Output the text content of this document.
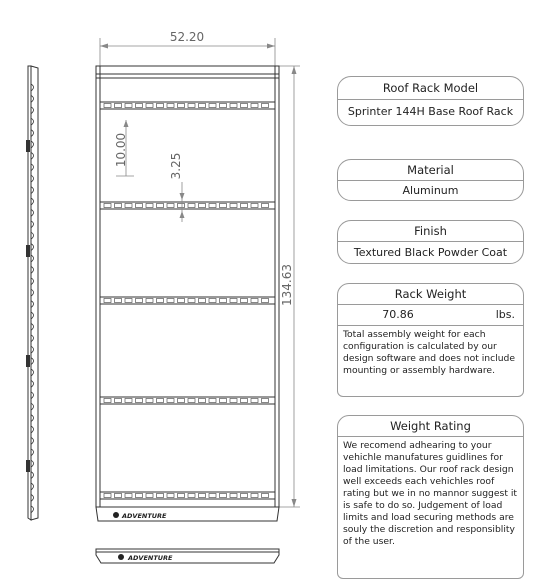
52.20
134.63
10.00	3.25
ADVENTURE
ADVENTURE
Roof Rack Model
Sprinter 144H Base Roof Rack
Material
Aluminum
Finish
Textured Black Powder Coat
Rack Weight
70.86	lbs.
Total assembly weight for each configuration is calculated by our design software and does not include mounting or assembly hardware.
Weight Rating
We recomend adhearing to your vehichle manufatures guidlines for load limitations. Our roof rack design well exceeds each vehichles roof rating but we in no mannor suggest it is safe to do so. Judgement of load limits and load securing methods are souly the discretion and responsiblity of the user.
